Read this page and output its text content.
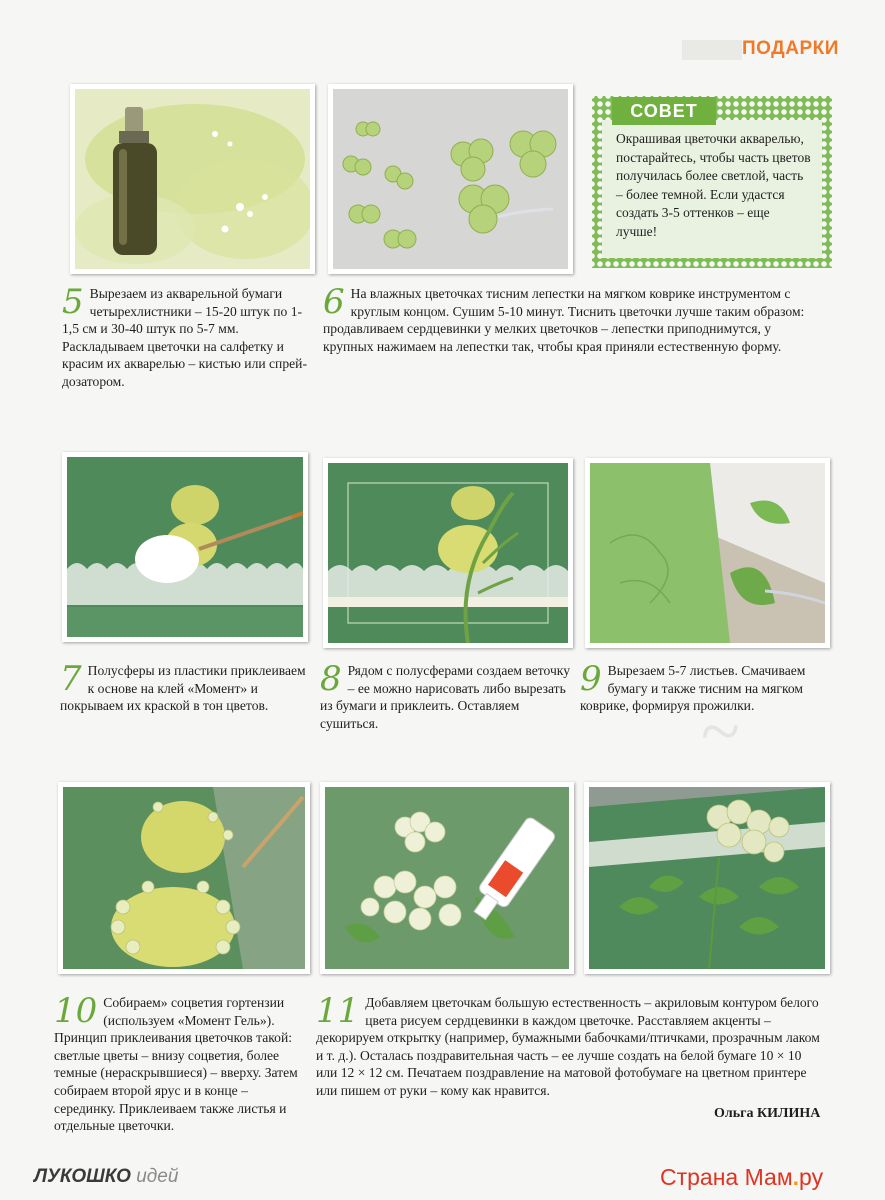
~
ПОДАРКИ
Окрашивая цветочки акварелью, постарайтесь, чтобы часть цветов получилась более светлой, часть – более темной. Если удастся создать 3-5 оттенков – еще лучше!
СОВЕТ
5 Вырезаем из акварельной бумаги четырехлистники – 15-20 штук по 1-1,5 см и 30-40 штук по 5-7 мм. Раскладываем цветочки на салфетку и красим их акварелью – кистью или спрей-дозатором.
6 На влажных цветочках тисним лепестки на мягком коврике инструментом с круглым концом. Сушим 5-10 минут. Тиснить цветочки лучше таким образом: продавливаем сердцевинки у мелких цветочков – лепестки приподнимутся, у крупных нажимаем на лепестки так, чтобы края приняли естественную форму.
7 Полусферы из пластики приклеиваем к основе на клей «Момент» и покрываем их краской в тон цветов.
8 Рядом с полусферами создаем веточку – ее можно нарисовать либо вырезать из бумаги и приклеить. Оставляем сушиться.
9 Вырезаем 5-7 листьев. Смачиваем бумагу и также тисним на мягком коврике, формируя прожилки.
10 Собираем» соцветия гортензии (используем «Момент Гель»). Принцип приклеивания цветочков такой: светлые цветы – внизу соцветия, более темные (нераскрывшиеся) – вверху. Затем собираем второй ярус и в конце – серединку. Приклеиваем также листья и отдельные цветочки.
11 Добавляем цветочкам большую естественность – акриловым контуром белого цвета рисуем сердцевинки в каждом цветочке. Расставляем акценты – декорируем открытку (например, бумажными бабочками/птичками, прозрачным лаком и т. д.). Осталась поздравительная часть – ее лучше создать на белой бумаге 10 × 10 или 12 × 12 см. Печатаем поздравление на матовой фотобумаге на цветном принтере или пишем от руки – кому как нравится.
Ольга КИЛИНА
ЛУКОШКО идей	Страна Мам.ру
